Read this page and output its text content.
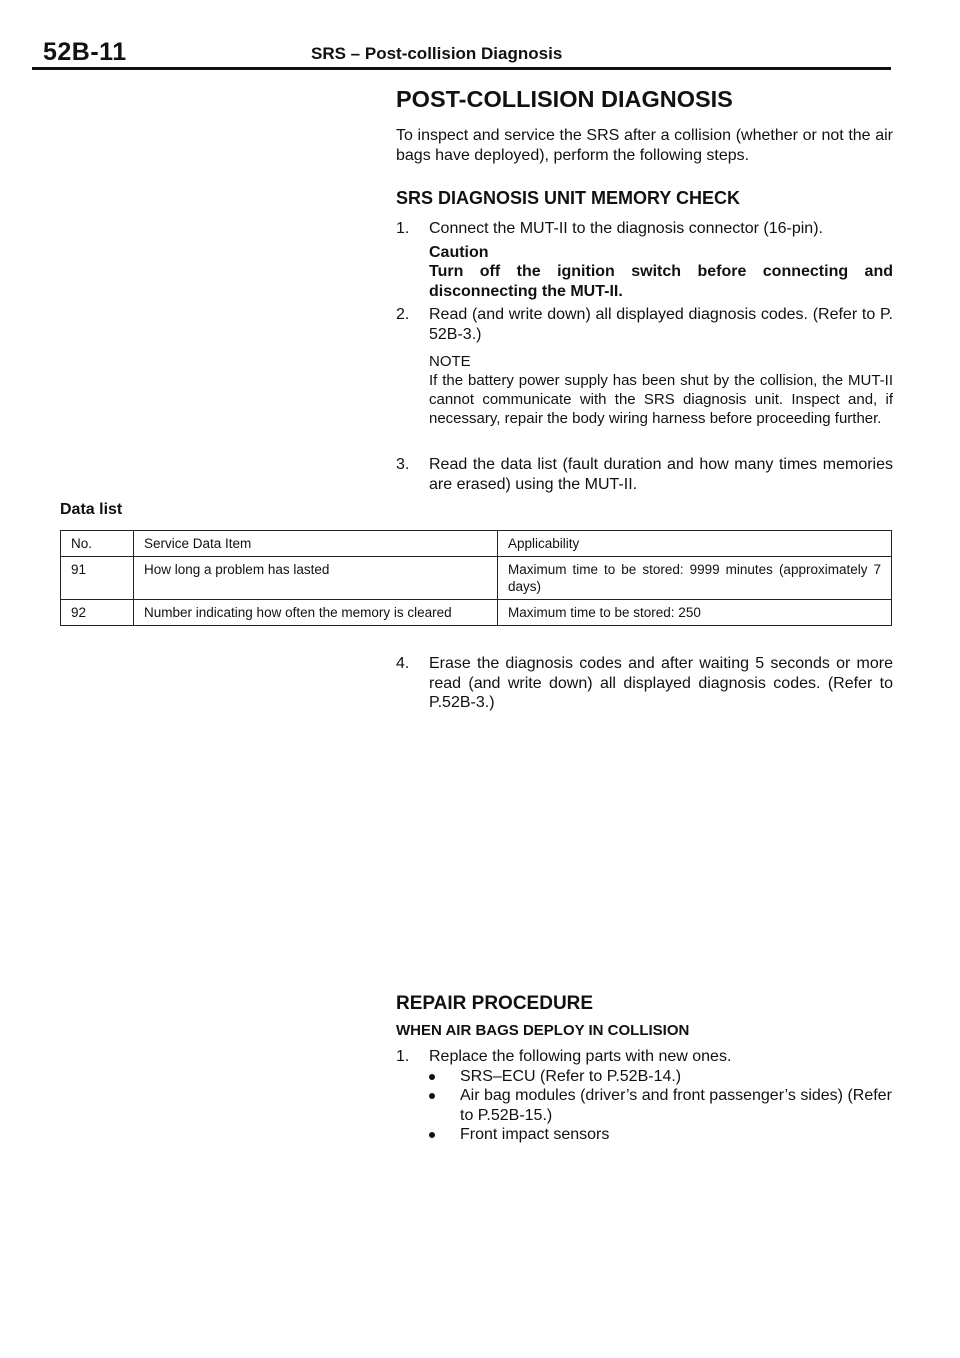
52B-11	SRS – Post-collision Diagnosis
POST-COLLISION DIAGNOSIS
To inspect and service the SRS after a collision (whether or not the air bags have deployed), perform the following steps.
SRS DIAGNOSIS UNIT MEMORY CHECK
1. Connect the MUT-II to the diagnosis connector (16-pin).
Caution
Turn off the ignition switch before connecting and disconnecting the MUT-II.
2. Read (and write down) all displayed diagnosis codes. (Refer to P. 52B-3.)
NOTE
If the battery power supply has been shut by the collision, the MUT-II cannot communicate with the SRS diagnosis unit. Inspect and, if necessary, repair the body wiring harness before proceeding further.
3. Read the data list (fault duration and how many times memories are erased) using the MUT-II.
Data list
No.	Service Data Item	Applicability
91	How long a problem has lasted	Maximum time to be stored: 9999 minutes (approximately 7 days)
92	Number indicating how often the memory is cleared	Maximum time to be stored: 250
4. Erase the diagnosis codes and after waiting 5 seconds or more read (and write down) all displayed diagnosis codes. (Refer to P.52B-3.)
REPAIR PROCEDURE
WHEN AIR BAGS DEPLOY IN COLLISION
1. Replace the following parts with new ones.
SRS–ECU (Refer to P.52B-14.)
Air bag modules (driver’s and front passenger’s sides) (Refer to P.52B-15.)
Front impact sensors
